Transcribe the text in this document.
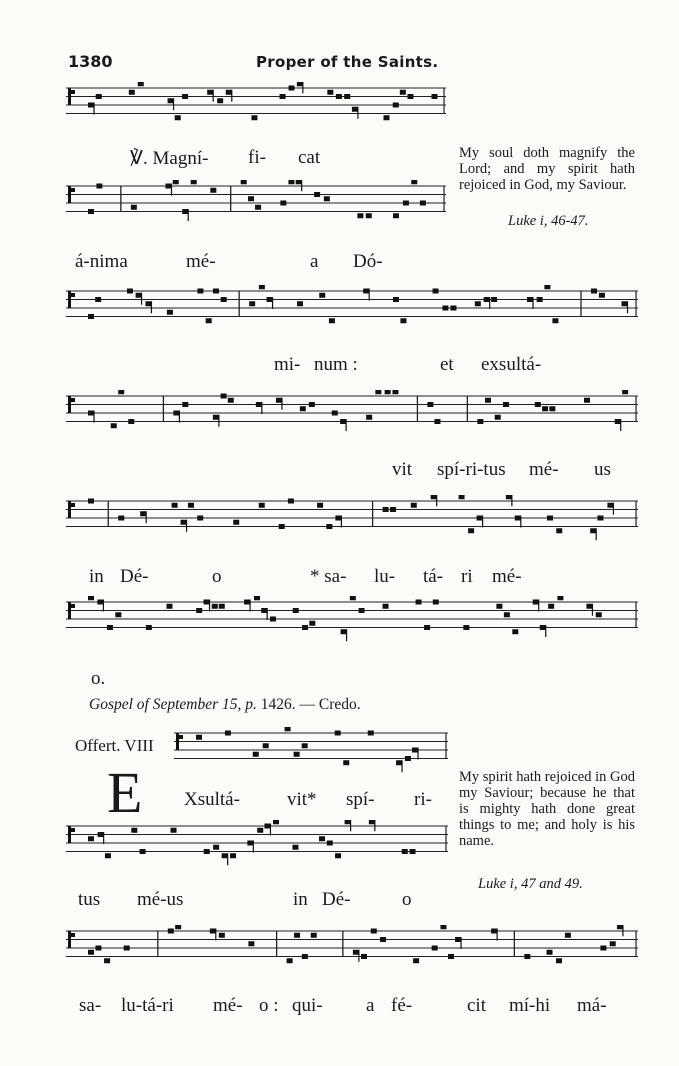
1380	Proper of the Saints.
℣. Magní- fi- cat	My soul doth magnify the Lord; and my spirit hath rejoiced in God, my Saviour.
Luke i, 46-47.
á-nima	mé-	a Dó-
mi- num :	et exsultá-
vit spí-ri-tus mé- us
in Dé-	o	* sa- lu- tá- ri mé-
o.
Gospel of September 15, p. 1426. — Credo.
Offert. VIII
E Xsultá- vit* spí- ri-
My spirit hath rejoiced in God my Saviour; because he that is mighty hath done great things to me; and holy is his name.
Luke i, 47 and 49.
tus mé-us	in Dé-	o
sa- lu-tá-ri mé- o : qui- a fé-	cit mí-hi má-
